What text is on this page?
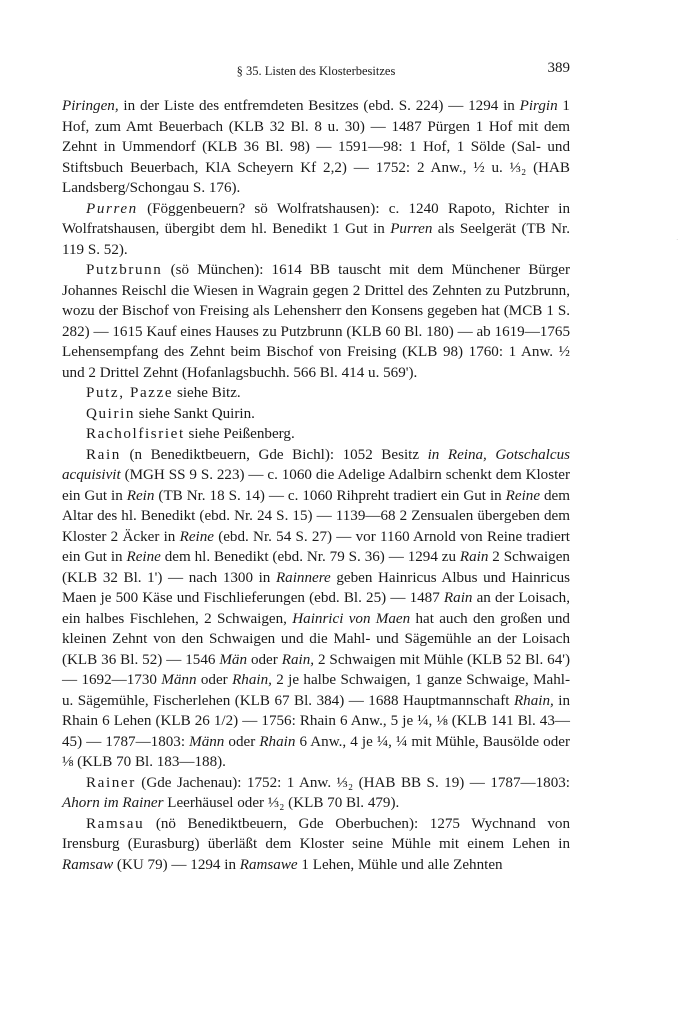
§ 35. Listen des Klosterbesitzes	389

Piringen, in der Liste des entfremdeten Besitzes (ebd. S. 224) — 1294 in Pirgin 1 Hof, zum Amt Beuerbach (KLB 32 Bl. 8 u. 30) — 1487 Pürgen 1 Hof mit dem Zehnt in Ummendorf (KLB 36 Bl. 98) — 1591—98: 1 Hof, 1 Sölde (Sal- und Stiftsbuch Beuerbach, KlA Scheyern Kf 2,2) — 1752: 2 Anw., ½ u. ⅓₂ (HAB Landsberg/Schongau S. 176).

Purren (Föggenbeuern? sö Wolfratshausen): c. 1240 Rapoto, Richter in Wolfratshausen, übergibt dem hl. Benedikt 1 Gut in Purren als Seelgerät (TB Nr. 119 S. 52).

Putzbrunn (sö München): 1614 BB tauscht mit dem Münchener Bürger Johannes Reischl die Wiesen in Wagrain gegen 2 Drittel des Zehnten zu Putzbrunn, wozu der Bischof von Freising als Lehensherr den Konsens gegeben hat (MCB 1 S. 282) — 1615 Kauf eines Hauses zu Putzbrunn (KLB 60 Bl. 180) — ab 1619—1765 Lehensempfang des Zehnt beim Bischof von Freising (KLB 98) 1760: 1 Anw. ½ und 2 Drittel Zehnt (Hofanlagsbuchh. 566 Bl. 414 u. 569').

Putz, Pazze siehe Bitz.

Quirin siehe Sankt Quirin.

Racholfisriet siehe Peißenberg.

Rain (n Benediktbeuern, Gde Bichl): 1052 Besitz in Reina, Gotschalcus acquisivit (MGH SS 9 S. 223) — c. 1060 die Adelige Adalbirn schenkt dem Kloster ein Gut in Rein (TB Nr. 18 S. 14) — c. 1060 Rihpreht tradiert ein Gut in Reine dem Altar des hl. Benedikt (ebd. Nr. 24 S. 15) — 1139—68 2 Zensualen übergeben dem Kloster 2 Äcker in Reine (ebd. Nr. 54 S. 27) — vor 1160 Arnold von Reine tradiert ein Gut in Reine dem hl. Benedikt (ebd. Nr. 79 S. 36) — 1294 zu Rain 2 Schwaigen (KLB 32 Bl. 1') — nach 1300 in Rainnere geben Hainricus Albus und Hainricus Maen je 500 Käse und Fischlieferungen (ebd. Bl. 25) — 1487 Rain an der Loisach, ein halbes Fischlehen, 2 Schwaigen, Hainrici von Maen hat auch den großen und kleinen Zehnt von den Schwaigen und die Mahl- und Sägemühle an der Loisach (KLB 36 Bl. 52) — 1546 Män oder Rain, 2 Schwaigen mit Mühle (KLB 52 Bl. 64') — 1692—1730 Männ oder Rhain, 2 je halbe Schwaigen, 1 ganze Schwaige, Mahl- u. Sägemühle, Fischerlehen (KLB 67 Bl. 384) — 1688 Hauptmannschaft Rhain, in Rhain 6 Lehen (KLB 26 1/2) — 1756: Rhain 6 Anw., 5 je ¼, ⅛ (KLB 141 Bl. 43—45) — 1787—1803: Männ oder Rhain 6 Anw., 4 je ¼, ¼ mit Mühle, Bausölde oder ⅛ (KLB 70 Bl. 183—188).

Rainer (Gde Jachenau): 1752: 1 Anw. ⅓₂ (HAB BB S. 19) — 1787—1803: Ahorn im Rainer Leerhäusel oder ⅓₂ (KLB 70 Bl. 479).

Ramsau (nö Benediktbeuern, Gde Oberbuchen): 1275 Wychnand von Irensburg (Eurasburg) überläßt dem Kloster seine Mühle mit einem Lehen in Ramsaw (KU 79) — 1294 in Ramsawe 1 Lehen, Mühle und alle Zehnten

˙
